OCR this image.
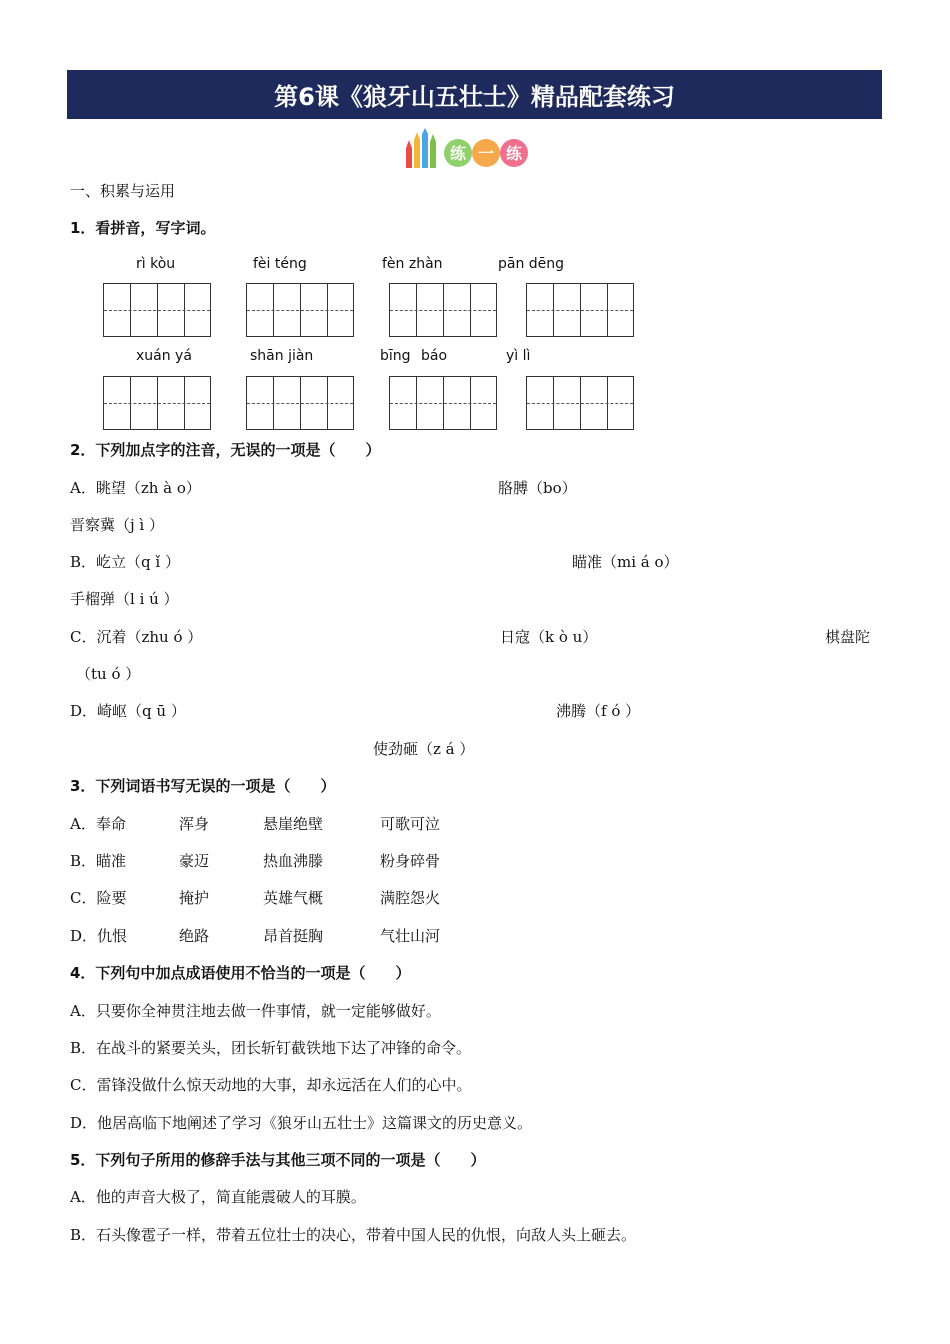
第6课《狼牙山五壮士》精品配套练习
练 一 练
一、积累与运用
1．看拼音，写字词。
rì kòu	fèi téng	fèn zhàn	pān dēng
xuán yá	shān jiàn	bīng báo	yì lì
2．下列加点字的注音，无误的一项是（　　）
A．眺望（zh à o）	胳膊（bo）
晋察冀（j ì ）
B．屹立（q ǐ ）	瞄准（mi á o）
手榴弹（l i ú ）
C．沉着（zhu ó ）	日寇（k ò u）	棋盘陀
（tu ó ）
D．崎岖（q ū ）	沸腾（f ó ）
使劲砸（z á ）
3．下列词语书写无误的一项是（　　）
A．奉命	浑身	悬崖绝壁	可歌可泣
B．瞄准	豪迈	热血沸滕	粉身碎骨
C．险要	掩护	英雄气概	满腔怨火
D．仇恨	绝路	昂首挺胸	气壮山河
4．下列句中加点成语使用不恰当的一项是（　　）
A．只要你全神贯注地去做一件事情，就一定能够做好。
B．在战斗的紧要关头，团长斩钉截铁地下达了冲锋的命令。
C．雷锋没做什么惊天动地的大事，却永远活在人们的心中。
D．他居高临下地阐述了学习《狼牙山五壮士》这篇课文的历史意义。
5．下列句子所用的修辞手法与其他三项不同的一项是（　　）
A．他的声音大极了，简直能震破人的耳膜。
B．石头像雹子一样，带着五位壮士的决心，带着中国人民的仇恨，向敌人头上砸去。
